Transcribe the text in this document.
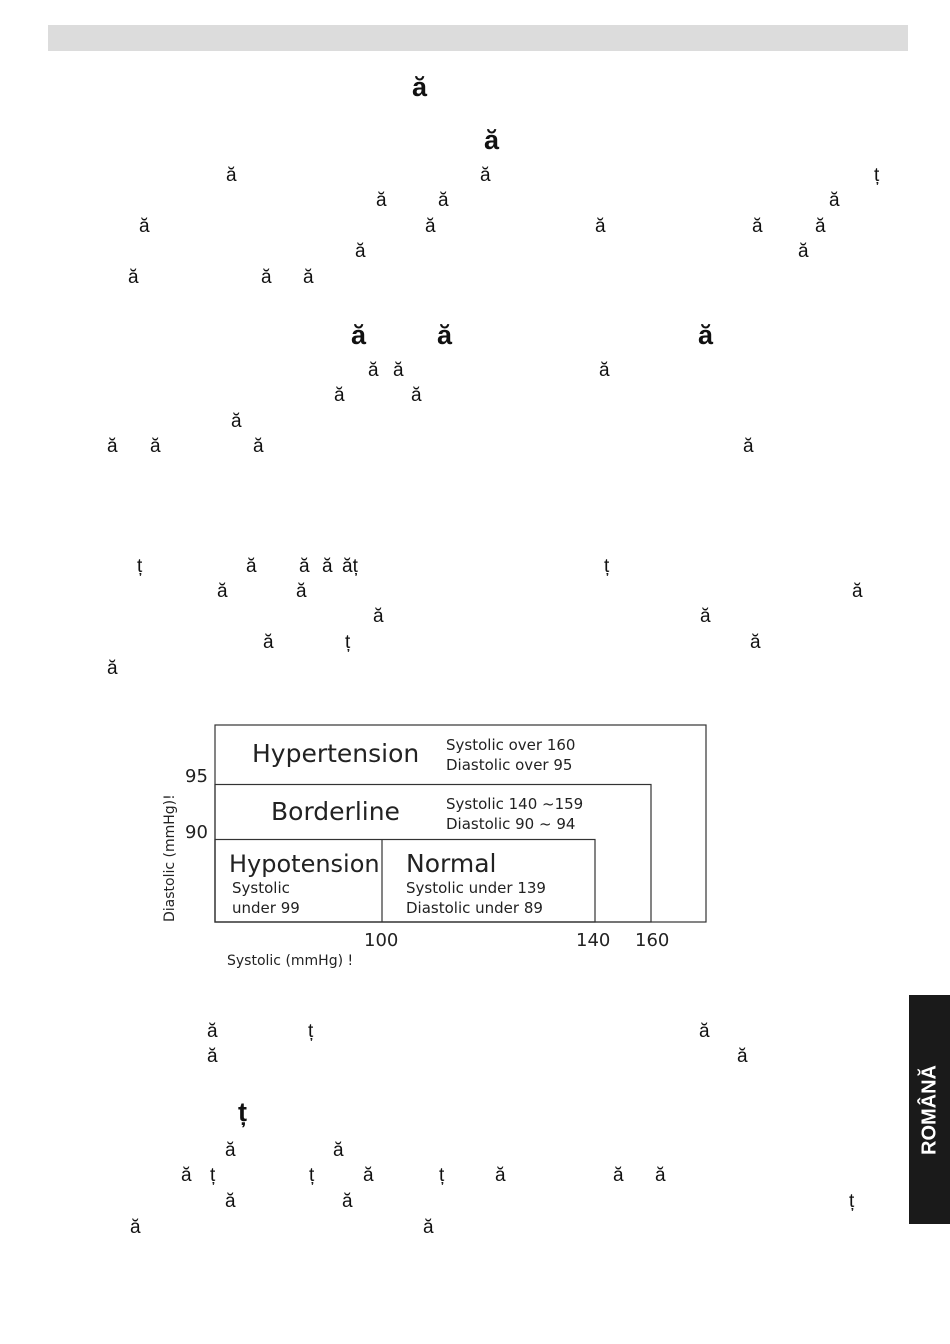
ă
ă
ă	ă	ț
ă	ă	ă
ă	ă	ă	ă	ă
ă	ă
ă	ă ă
ă	ă	ă
ă ă	ă
ă	ă
ă
ă ă	ă	ă
ț	ă ă ă ăț	ț
ă	ă	ă
ă	ă
ă	ț	ă
ă
Hypertension Systolic over 160
Diastolic over 95
Borderline	Systolic 140 ~159
Diastolic 90 ~ 94
Hypotension
Systolic
under 99
Normal
Systolic under 139
Diastolic under 89
95
90
100	140 160
Systolic (mmHg) !
Diastolic (mmHg)!
ă	ț	ă
ă	ă
ț
ă	ă
ă ț	ț	ă	ț	ă	ă ă
ă	ă	ț
ă	ă
ROMÂNĂ
